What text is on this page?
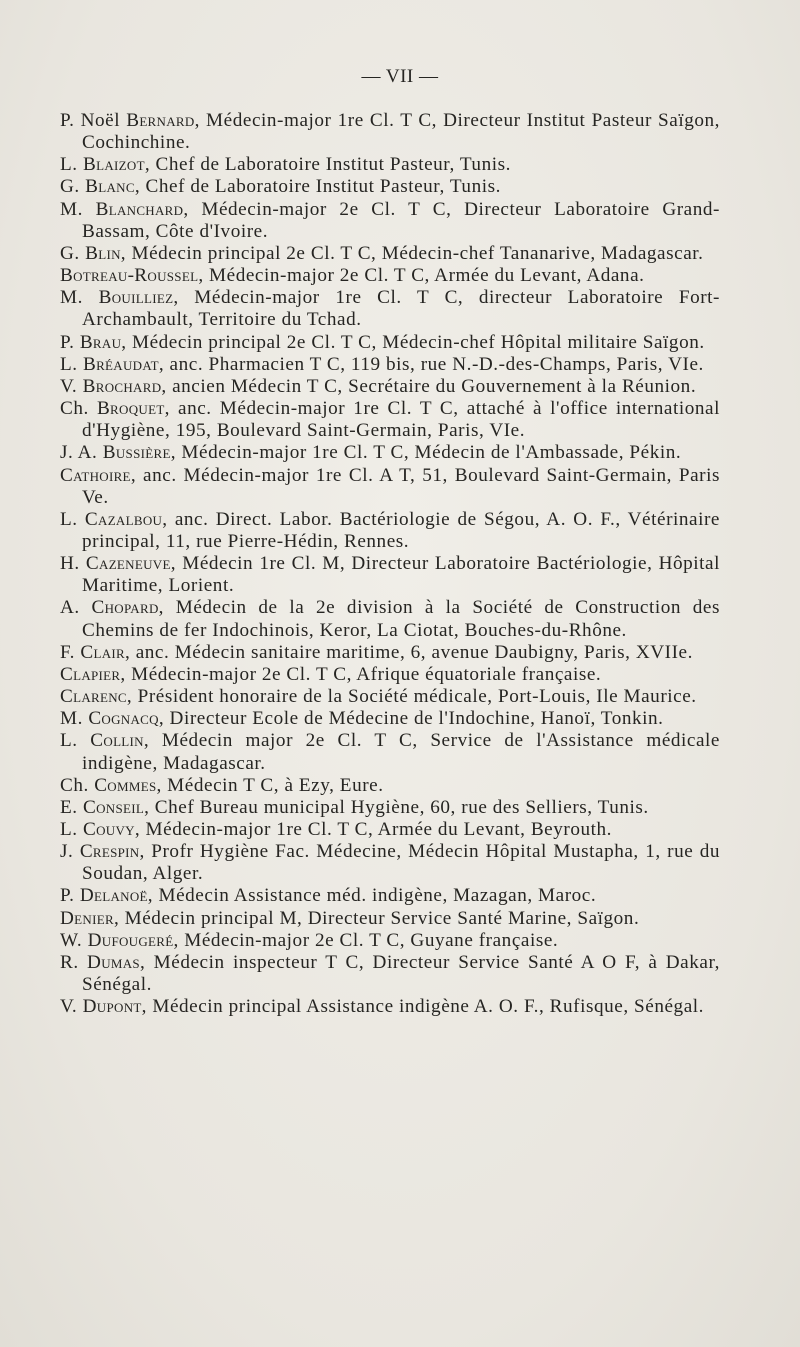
— VII —
P. Noël Bernard, Médecin-major 1re Cl. T C, Directeur Institut Pasteur Saïgon, Cochinchine.
L. Blaizot, Chef de Laboratoire Institut Pasteur, Tunis.
G. Blanc, Chef de Laboratoire Institut Pasteur, Tunis.
M. Blanchard, Médecin-major 2e Cl. T C, Directeur Laboratoire Grand-Bassam, Côte d'Ivoire.
G. Blin, Médecin principal 2e Cl. T C, Médecin-chef Tananarive, Madagascar.
Botreau-Roussel, Médecin-major 2e Cl. T C, Armée du Levant, Adana.
M. Bouilliez, Médecin-major 1re Cl. T C, directeur Laboratoire Fort-Archambault, Territoire du Tchad.
P. Brau, Médecin principal 2e Cl. T C, Médecin-chef Hôpital militaire Saïgon.
L. Bréaudat, anc. Pharmacien T C, 119 bis, rue N.-D.-des-Champs, Paris, VIe.
V. Brochard, ancien Médecin T C, Secrétaire du Gouvernement à la Réunion.
Ch. Broquet, anc. Médecin-major 1re Cl. T C, attaché à l'office international d'Hygiène, 195, Boulevard Saint-Germain, Paris, VIe.
J. A. Bussière, Médecin-major 1re Cl. T C, Médecin de l'Ambassade, Pékin.
Cathoire, anc. Médecin-major 1re Cl. A T, 51, Boulevard Saint-Germain, Paris Ve.
L. Cazalbou, anc. Direct. Labor. Bactériologie de Ségou, A. O. F., Vétérinaire principal, 11, rue Pierre-Hédin, Rennes.
H. Cazeneuve, Médecin 1re Cl. M, Directeur Laboratoire Bactériologie, Hôpital Maritime, Lorient.
A. Chopard, Médecin de la 2e division à la Société de Construction des Chemins de fer Indochinois, Keror, La Ciotat, Bouches-du-Rhône.
F. Clair, anc. Médecin sanitaire maritime, 6, avenue Daubigny, Paris, XVIIe.
Clapier, Médecin-major 2e Cl. T C, Afrique équatoriale française.
Clarenc, Président honoraire de la Société médicale, Port-Louis, Ile Maurice.
M. Cognacq, Directeur Ecole de Médecine de l'Indochine, Hanoï, Tonkin.
L. Collin, Médecin major 2e Cl. T C, Service de l'Assistance médicale indigène, Madagascar.
Ch. Commes, Médecin T C, à Ezy, Eure.
E. Conseil, Chef Bureau municipal Hygiène, 60, rue des Selliers, Tunis.
L. Couvy, Médecin-major 1re Cl. T C, Armée du Levant, Beyrouth.
J. Crespin, Profr Hygiène Fac. Médecine, Médecin Hôpital Mustapha, 1, rue du Soudan, Alger.
P. Delanoë, Médecin Assistance méd. indigène, Mazagan, Maroc.
Denier, Médecin principal M, Directeur Service Santé Marine, Saïgon.
W. Dufougeré, Médecin-major 2e Cl. T C, Guyane française.
R. Dumas, Médecin inspecteur T C, Directeur Service Santé A O F, à Dakar, Sénégal.
V. Dupont, Médecin principal Assistance indigène A. O. F., Rufisque, Sénégal.
